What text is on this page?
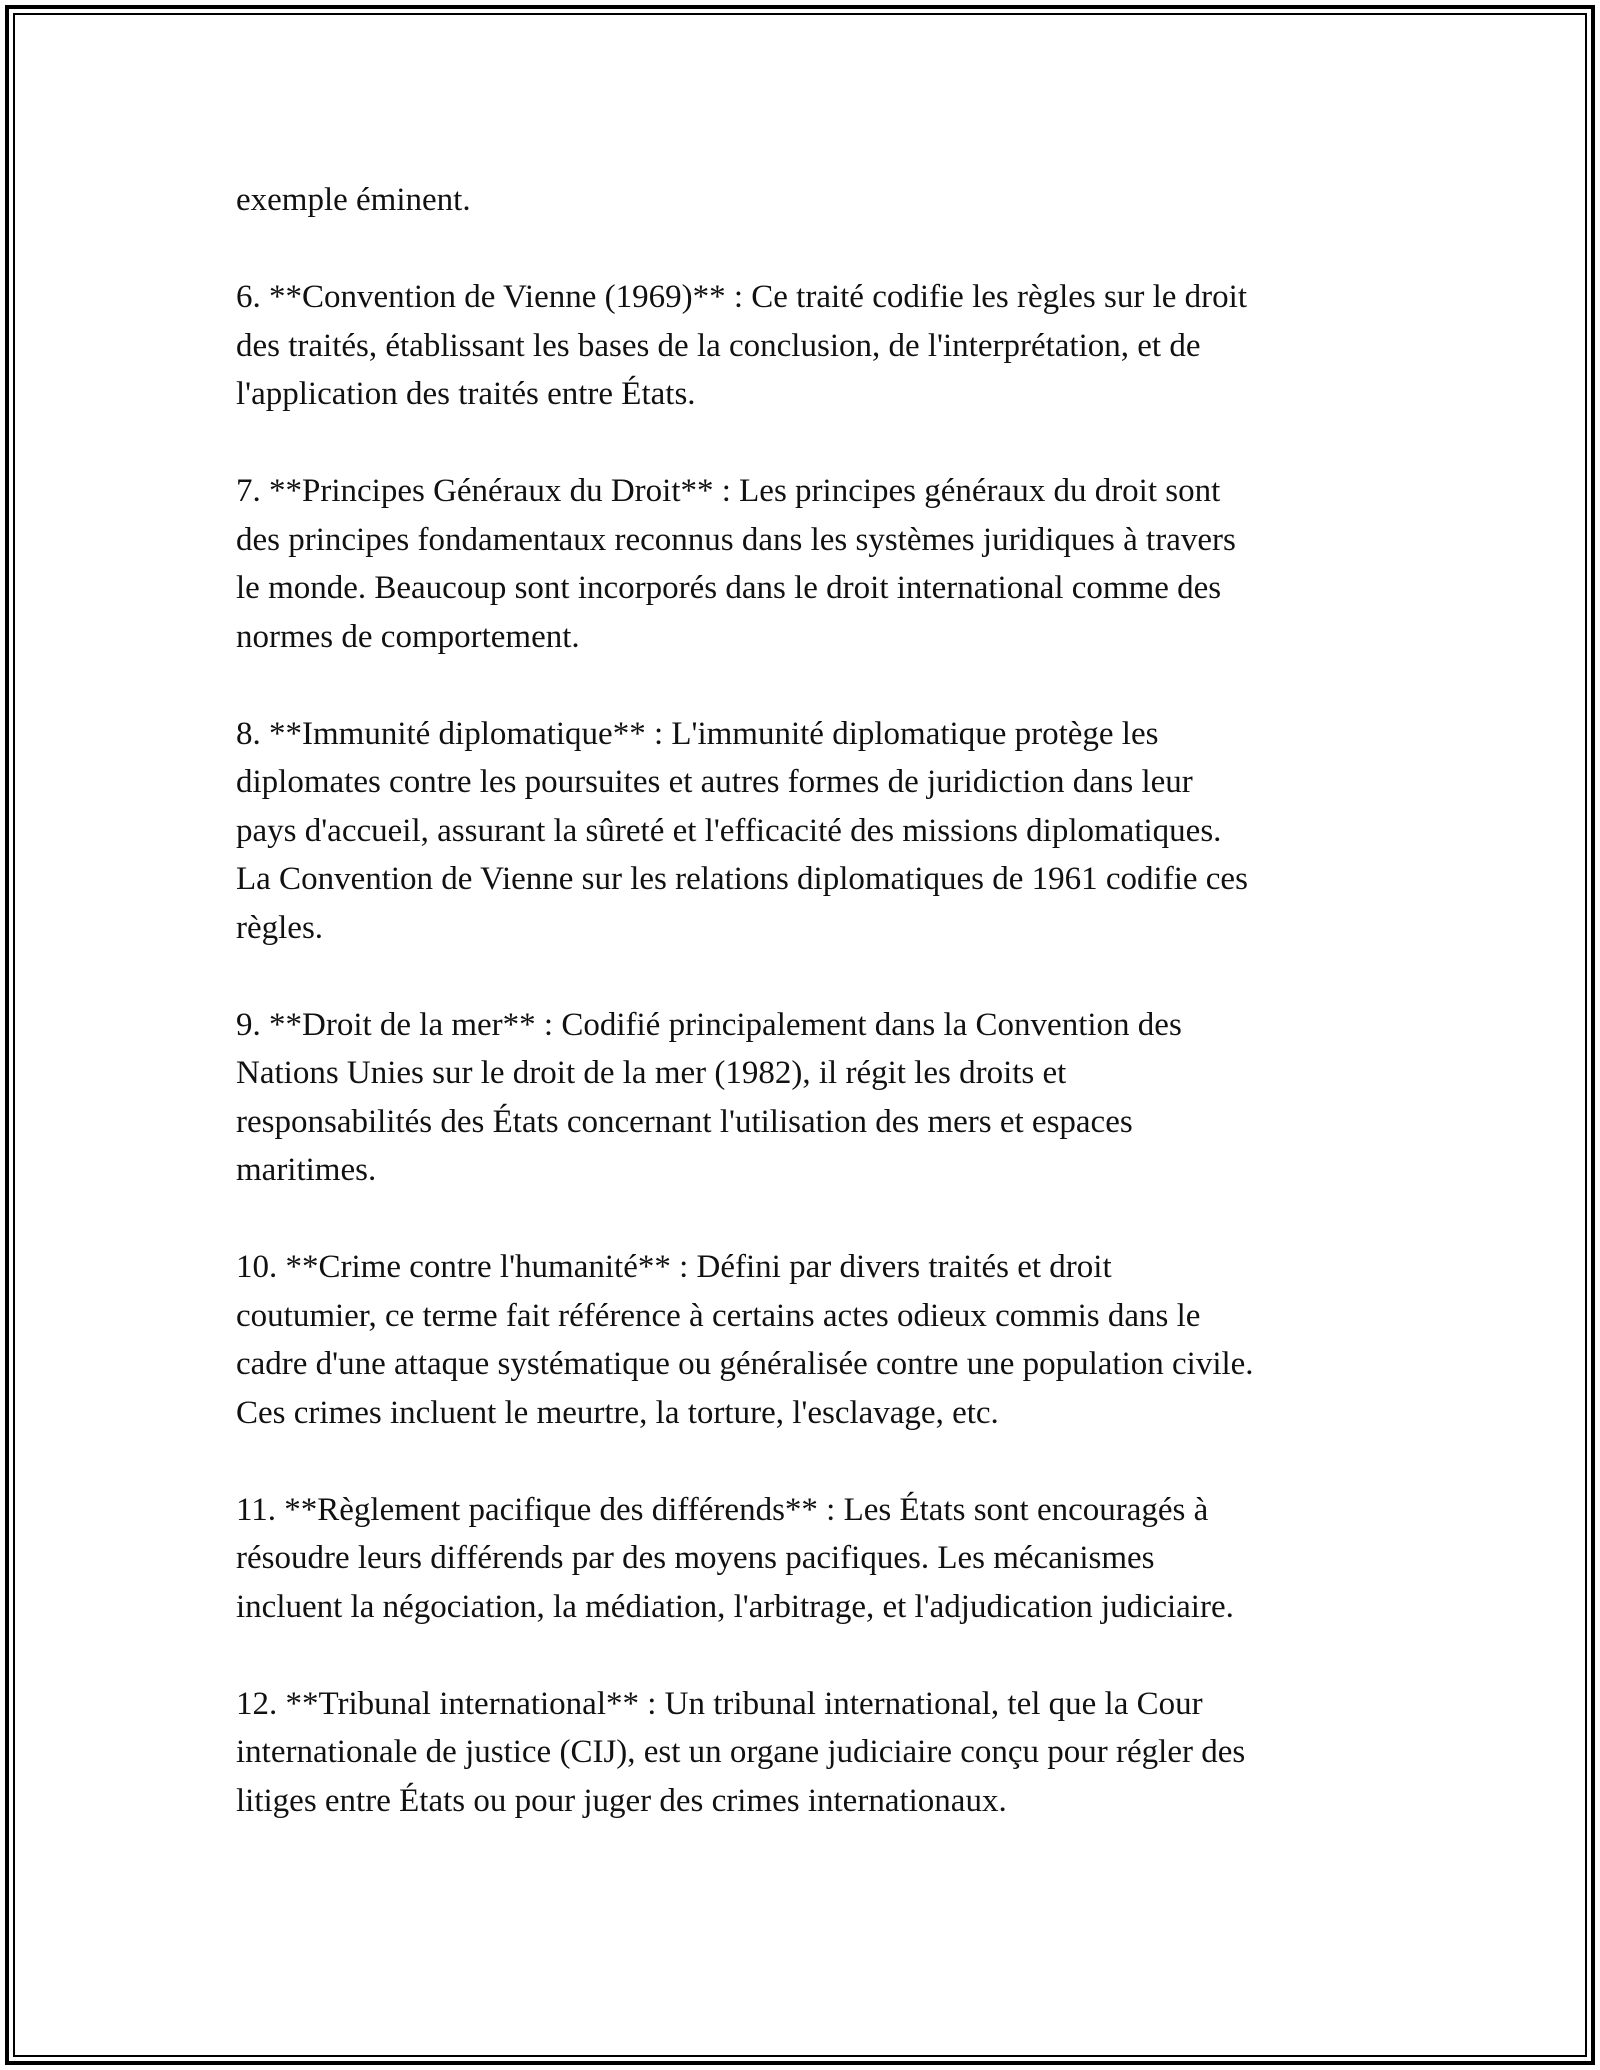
exemple éminent.

6. **Convention de Vienne (1969)** : Ce traité codifie les règles sur le droit
des traités, établissant les bases de la conclusion, de l'interprétation, et de
l'application des traités entre États.

7. **Principes Généraux du Droit** : Les principes généraux du droit sont
des principes fondamentaux reconnus dans les systèmes juridiques à travers
le monde. Beaucoup sont incorporés dans le droit international comme des
normes de comportement.

8. **Immunité diplomatique** : L'immunité diplomatique protège les
diplomates contre les poursuites et autres formes de juridiction dans leur
pays d'accueil, assurant la sûreté et l'efficacité des missions diplomatiques.
La Convention de Vienne sur les relations diplomatiques de 1961 codifie ces
règles.

9. **Droit de la mer** : Codifié principalement dans la Convention des
Nations Unies sur le droit de la mer (1982), il régit les droits et
responsabilités des États concernant l'utilisation des mers et espaces
maritimes.

10. **Crime contre l'humanité** : Défini par divers traités et droit
coutumier, ce terme fait référence à certains actes odieux commis dans le
cadre d'une attaque systématique ou généralisée contre une population civile.
Ces crimes incluent le meurtre, la torture, l'esclavage, etc.

11. **Règlement pacifique des différends** : Les États sont encouragés à
résoudre leurs différends par des moyens pacifiques. Les mécanismes
incluent la négociation, la médiation, l'arbitrage, et l'adjudication judiciaire.

12. **Tribunal international** : Un tribunal international, tel que la Cour
internationale de justice (CIJ), est un organe judiciaire conçu pour régler des
litiges entre États ou pour juger des crimes internationaux.
